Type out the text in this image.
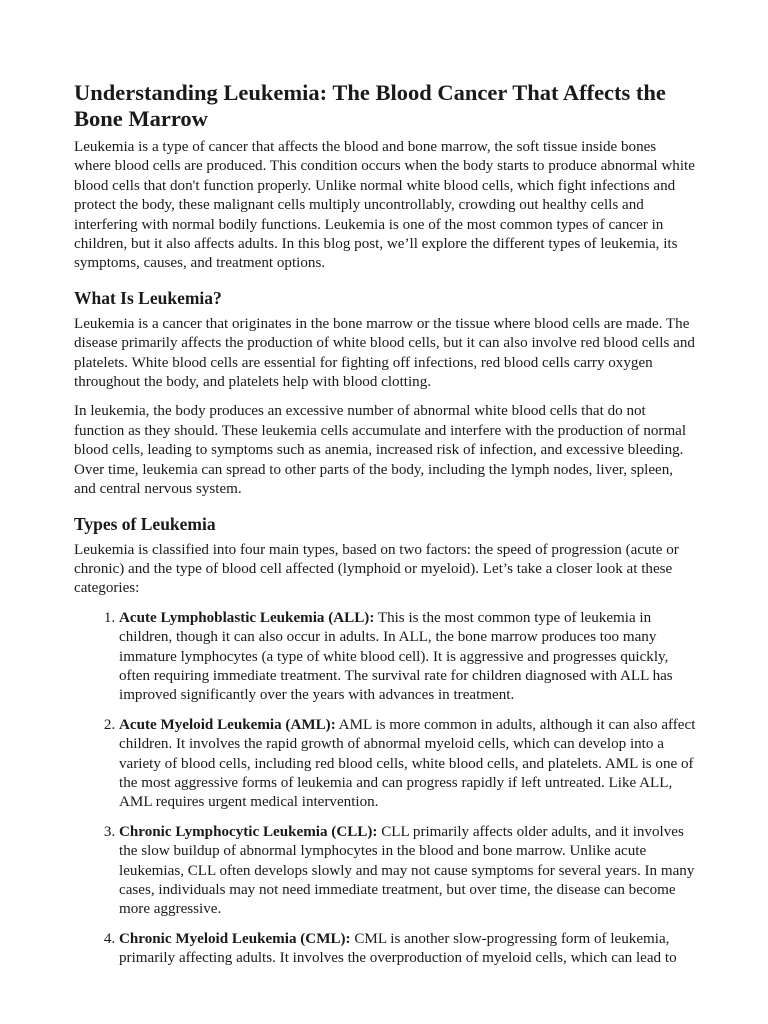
Understanding Leukemia: The Blood Cancer That Affects the Bone Marrow

Leukemia is a type of cancer that affects the blood and bone marrow, the soft tissue inside bones where blood cells are produced. This condition occurs when the body starts to produce abnormal white blood cells that don't function properly. Unlike normal white blood cells, which fight infections and protect the body, these malignant cells multiply uncontrollably, crowding out healthy cells and interfering with normal bodily functions. Leukemia is one of the most common types of cancer in children, but it also affects adults. In this blog post, we’ll explore the different types of leukemia, its symptoms, causes, and treatment options.

What Is Leukemia?

Leukemia is a cancer that originates in the bone marrow or the tissue where blood cells are made. The disease primarily affects the production of white blood cells, but it can also involve red blood cells and platelets. White blood cells are essential for fighting off infections, red blood cells carry oxygen throughout the body, and platelets help with blood clotting.

In leukemia, the body produces an excessive number of abnormal white blood cells that do not function as they should. These leukemia cells accumulate and interfere with the production of normal blood cells, leading to symptoms such as anemia, increased risk of infection, and excessive bleeding. Over time, leukemia can spread to other parts of the body, including the lymph nodes, liver, spleen, and central nervous system.

Types of Leukemia

Leukemia is classified into four main types, based on two factors: the speed of progression (acute or chronic) and the type of blood cell affected (lymphoid or myeloid). Let’s take a closer look at these categories:

1. Acute Lymphoblastic Leukemia (ALL): This is the most common type of leukemia in children, though it can also occur in adults. In ALL, the bone marrow produces too many immature lymphocytes (a type of white blood cell). It is aggressive and progresses quickly, often requiring immediate treatment. The survival rate for children diagnosed with ALL has improved significantly over the years with advances in treatment.
2. Acute Myeloid Leukemia (AML): AML is more common in adults, although it can also affect children. It involves the rapid growth of abnormal myeloid cells, which can develop into a variety of blood cells, including red blood cells, white blood cells, and platelets. AML is one of the most aggressive forms of leukemia and can progress rapidly if left untreated. Like ALL, AML requires urgent medical intervention.
3. Chronic Lymphocytic Leukemia (CLL): CLL primarily affects older adults, and it involves the slow buildup of abnormal lymphocytes in the blood and bone marrow. Unlike acute leukemias, CLL often develops slowly and may not cause symptoms for several years. In many cases, individuals may not need immediate treatment, but over time, the disease can become more aggressive.
4. Chronic Myeloid Leukemia (CML): CML is another slow-progressing form of leukemia, primarily affecting adults. It involves the overproduction of myeloid cells, which can lead to
